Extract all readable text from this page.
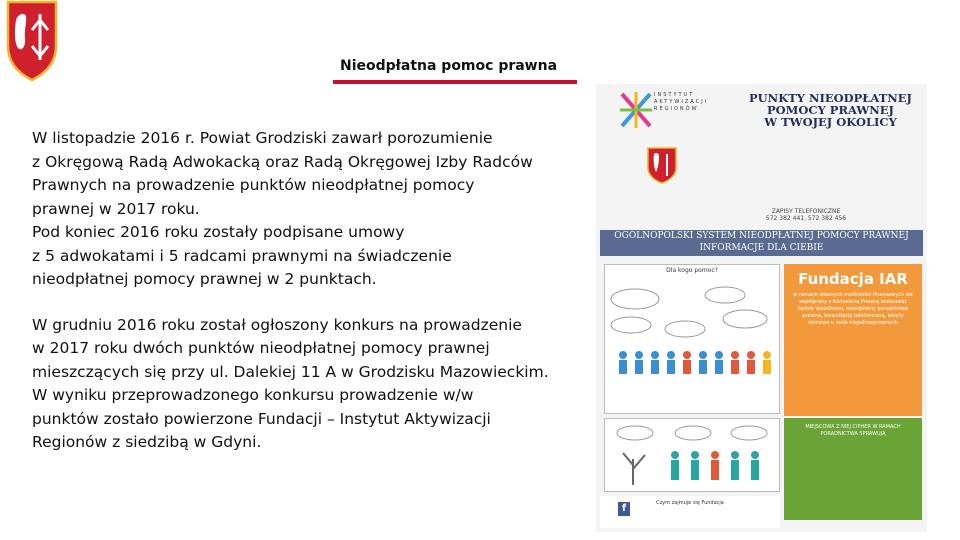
Nieodpłatna pomoc prawna

W listopadzie 2016 r. Powiat Grodziski zawarł porozumienie
z Okręgową Radą Adwokacką oraz Radą Okręgowej Izby Radców
Prawnych na prowadzenie punktów nieodpłatnej pomocy
prawnej w 2017 roku.
Pod koniec 2016 roku zostały podpisane umowy
z 5 adwokatami i 5 radcami prawnymi na świadczenie
nieodpłatnej pomocy prawnej w 2 punktach.

W grudniu 2016 roku został ogłoszony konkurs na prowadzenie
w 2017 roku dwóch punktów nieodpłatnej pomocy prawnej
mieszczących się przy ul. Dalekiej 11 A w Grodzisku Mazowieckim.
W wyniku przeprowadzonego konkursu prowadzenie w/w
punktów zostało powierzone Fundacji – Instytut Aktywizacji
Regionów z siedzibą w Gdyni.

INSTYTUT
AKTYWIZACJI
REGIONÓW
PUNKTY NIEODPŁATNEJ
POMOCY PRAWNEJ
W TWOJEJ OKOLICY
ZAPISY TELEFONICZNE
572 382 441, 572 382 456
OGÓLNOPOLSKI SYSTEM NIEODPŁATNEJ POMOCY PRAWNEJ
INFORMACJE DLA CIEBIE
Dla kogo pomoc?	Fundacja IAR
w ramach własnych możliwości finansowych we współpracy z Kancelarią Prawną realizować będzie dodatkowo, nieodpłatny poradnictwo prawne, konsultację telefoniczną, wizyty domowe u osób niepełnosprawnych
MIEJSCOWA Z NIEJ CIPHER W RAMACH PORADNICTWA SPRAWUJĄ
Czym zajmuje się Fundacja
f
